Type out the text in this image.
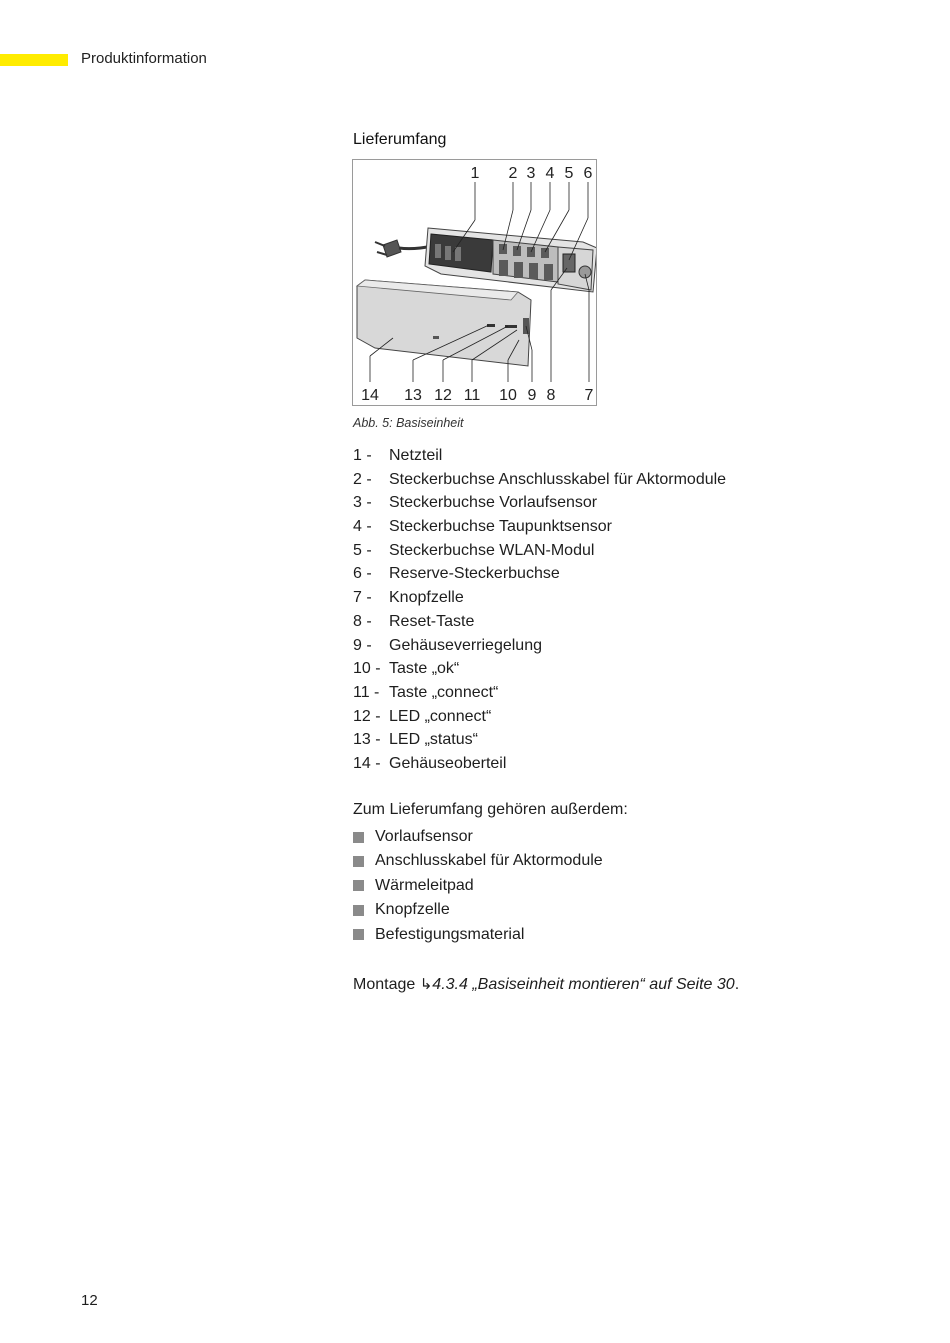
Produktinformation
Lieferumfang
1 2 3 4 5 6
14 13 12 11 10 9 8 7
Abb. 5: Basiseinheit
1 -	Netzteil
2 -	Steckerbuchse Anschlusskabel für Aktormodule
3 -	Steckerbuchse Vorlaufsensor
4 -	Steckerbuchse Taupunktsensor
5 -	Steckerbuchse WLAN-Modul
6 -	Reserve-Steckerbuchse
7 -	Knopfzelle
8 -	Reset-Taste
9 -	Gehäuseverriegelung
10 - Taste „ok“
11 - Taste „connect“
12 - LED „connect“
13 - LED „status“
14 - Gehäuseoberteil
Zum Lieferumfang gehören außerdem:
Vorlaufsensor
Anschlusskabel für Aktormodule
Wärmeleitpad
Knopfzelle
Befestigungsmaterial
Montage ↳4.3.4 „Basiseinheit montieren“ auf Seite 30.
12
